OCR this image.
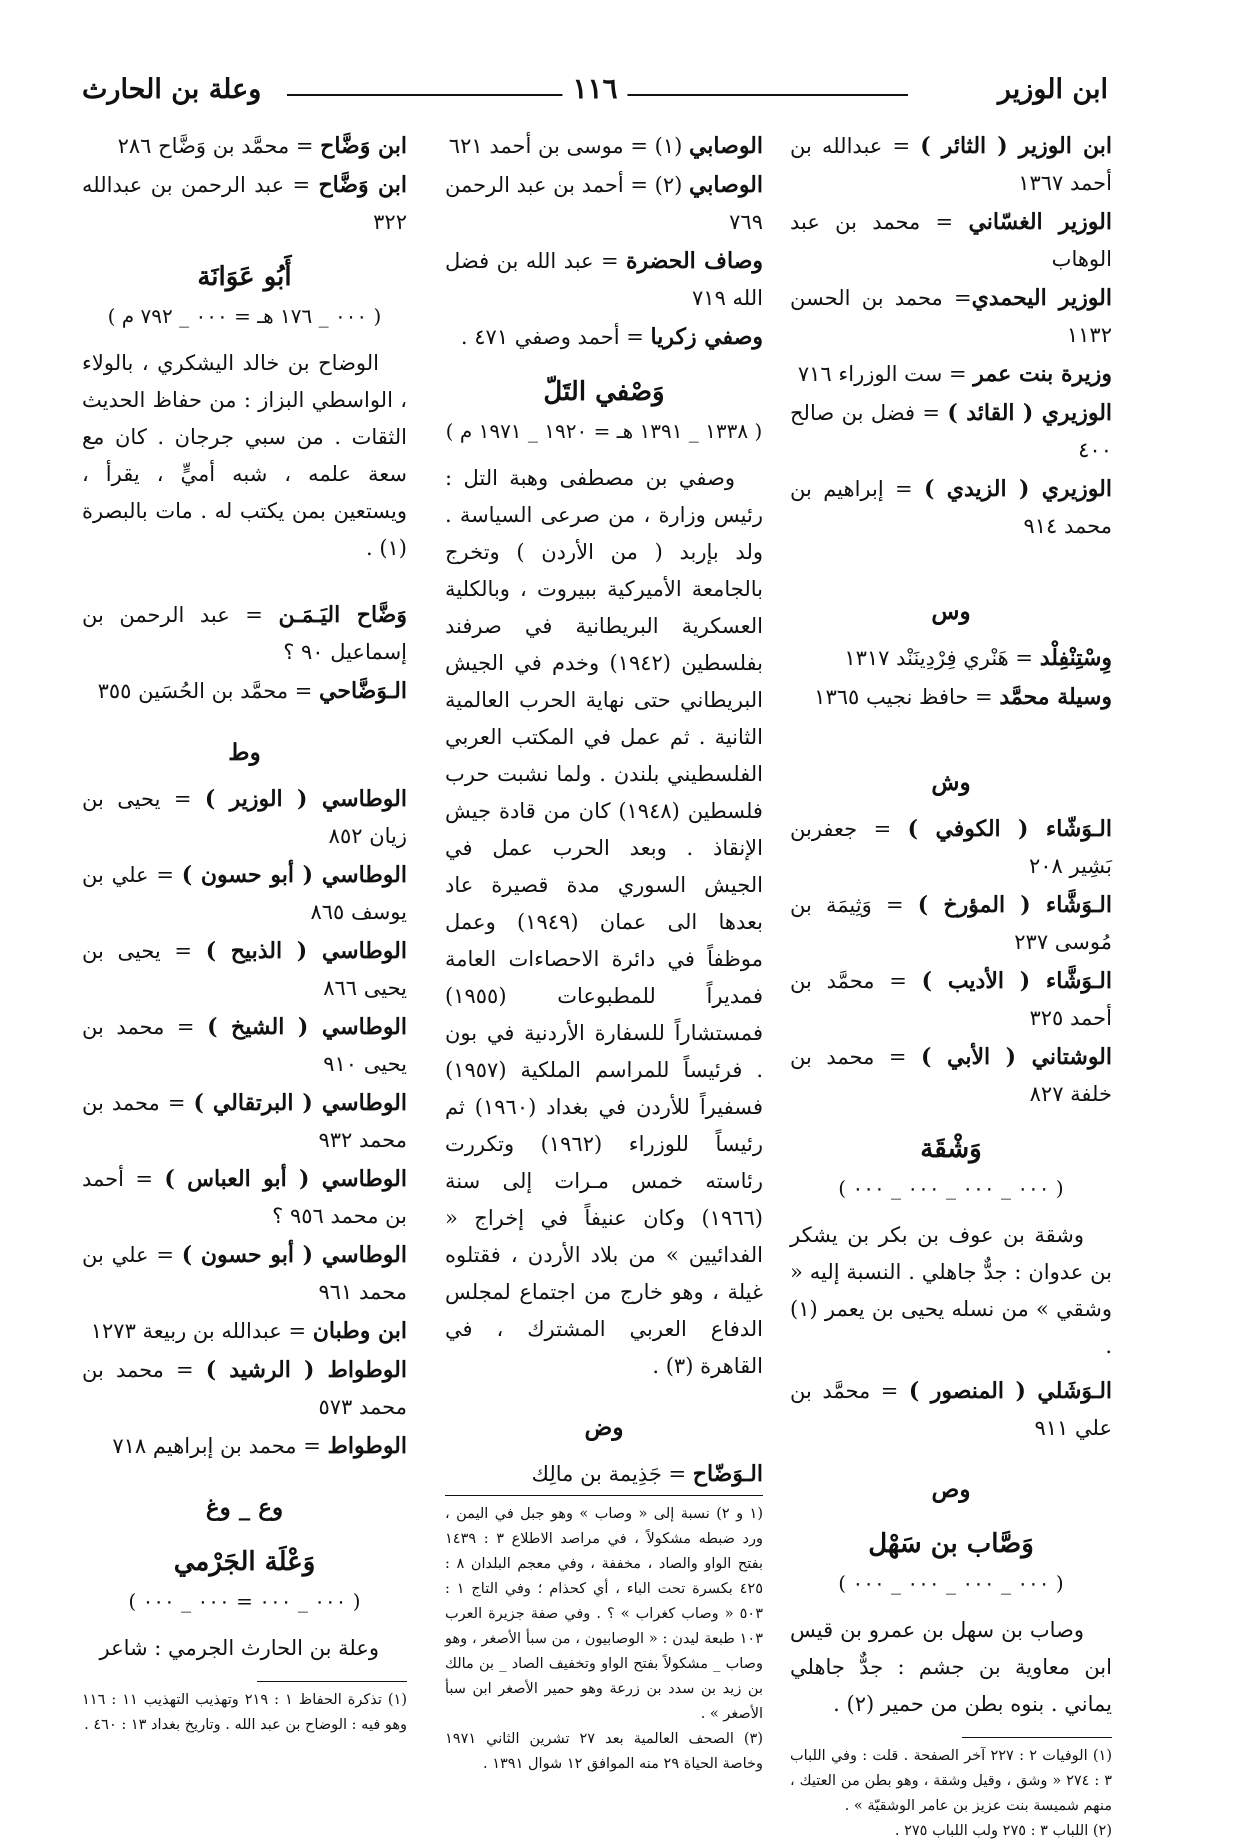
ابن الوزير
١١٦
وعلة بن الحارث
ابن الوزير ( الثائر ) = عبدالله بن أحمد ١٣٦٧
الوزير الغسّاني = محمد بن عبد الوهاب
الوزير اليحمدي= محمد بن الحسن ١١٣٢
وزيرة بنت عمر = ست الوزراء ٧١٦
الوزيري ( القائد ) = فضل بن صالح ٤٠٠
الوزيري ( الزيدي ) = إبراهيم بن محمد ٩١٤
وس
وِسْتِنْفِلْد = هَنْري فِرْدِينَنْد ١٣١٧
وسيلة محمَّد = حافظ نجيب ١٣٦٥
وش
الـوَشّاء ( الكوفي ) = جعفربن بَشِير ٢٠٨
الـوَشَّاء ( المؤرخ ) = وَثِيمَة بن مُوسى ٢٣٧
الـوَشَّاء ( الأديب ) = محمَّد بن أحمد ٣٢٥
الوشتاني ( الأبي ) = محمد بن خلفة ٨٢٧
وَشْقَة
( ٠٠٠ _ ٠٠٠ _ ٠٠٠ _ ٠٠٠ )

وشقة بن عوف بن بكر بن يشكر بن عدوان : جدٌّ جاهلي . النسبة إليه « وشقي » من نسله يحيى بن يعمر (١) .

الـوَشَلي ( المنصور ) = محمَّد بن علي ٩١١
وص
وَصَّاب بن سَهْل
( ٠٠٠ _ ٠٠٠ _ ٠٠٠ _ ٠٠٠ )

وصاب بن سهل بن عمرو بن قيس ابن معاوية بن جشم : جدٌّ جاهلي يماني . بنوه بطن من حمير (٢) .

(١) الوفيات ٢ : ٢٢٧ آخر الصفحة . قلت : وفي اللباب ٣ : ٢٧٤ « وشق ، وقيل وشقة ، وهو بطن من العتيك ، منهم شميسة بنت عزيز بن عامر الوشقيّة » .

(٢) اللباب ٣ : ٢٧٥ ولب اللباب ٢٧٥ .

الوصابي (١) = موسى بن أحمد ٦٢١
الوصابي (٢) = أحمد بن عبد الرحمن ٧٦٩
وصاف الحضرة = عبد الله بن فضل الله ٧١٩
وصفي زكريا = أحمد وصفي ٤٧١ .
وَصْفي التَلّ
( ١٣٣٨ _ ١٣٩١ هـ = ١٩٢٠ _ ١٩٧١ م )

وصفي بن مصطفى وهبة التل : رئيس وزارة ، من صرعى السياسة . ولد بإربد ( من الأردن ) وتخرج بالجامعة الأميركية ببيروت ، وبالكلية العسكرية البريطانية في صرفند بفلسطين (١٩٤٢) وخدم في الجيش البريطاني حتى نهاية الحرب العالمية الثانية . ثم عمل في المكتب العربي الفلسطيني بلندن . ولما نشبت حرب فلسطين (١٩٤٨) كان من قادة جيش الإنقاذ . وبعد الحرب عمل في الجيش السوري مدة قصيرة عاد بعدها الى عمان (١٩٤٩) وعمل موظفاً في دائرة الاحصاءات العامة فمديراً للمطبوعات (١٩٥٥) فمستشاراً للسفارة الأردنية في بون . فرئيساً للمراسم الملكية (١٩٥٧) فسفيراً للأردن في بغداد (١٩٦٠) ثم رئيساً للوزراء (١٩٦٢) وتكررت رئاسته خمس مـرات إلى سنة (١٩٦٦) وكان عنيفاً في إخراج « الفدائيين » من بلاد الأردن ، فقتلوه غيلة ، وهو خارج من اجتماع لمجلس الدفاع العربي المشترك ، في القاهرة (٣) .

وض
الـوَضّاح = جَذِيمة بن مالِك

(١ و ٢) نسبة إلى « وصاب » وهو جبل في اليمن ، ورد ضبطه مشكولاً ، في مراصد الاطلاع ٣ : ١٤٣٩ بفتح الواو والصاد ، مخففة ، وفي معجم البلدان ٨ : ٤٢٥ بكسرة تحت الباء ، أي كحذام ؛ وفي التاج ١ : ٥٠٣ « وصاب كغراب » ؟ . وفي صفة جزيرة العرب ١٠٣ طبعة ليدن : « الوصابيون ، من سبأ الأصغر ، وهو وصاب _ مشكولاً بفتح الواو وتخفيف الصاد _ بن مالك بن زيد بن سدد بن زرعة وهو حمير الأصغر ابن سبأ الأصغر » .

(٣) الصحف العالمية بعد ٢٧ تشرين الثاني ١٩٧١ وخاصة الحياة ٢٩ منه الموافق ١٢ شوال ١٣٩١ .

ابن وَضَّاح = محمَّد بن وَضَّاح ٢٨٦
ابن وَضَّاح = عبد الرحمن بن عبدالله ٣٢٢
أَبُو عَوَانَة
( ٠٠٠ _ ١٧٦ هـ = ٠٠٠ _ ٧٩٢ م )

الوضاح بن خالد اليشكري ، بالولاء ، الواسطي البزاز : من حفاظ الحديث الثقات . من سبي جرجان . كان مع سعة علمه ، شبه أميٍّ ، يقرأ ، ويستعين بمن يكتب له . مات بالبصرة (١) .

وَضَّاح اليَـمَـن = عبد الرحمن بن إسماعيل ٩٠ ؟
الـوَضَّاحي = محمَّد بن الحُسَين ٣٥٥
وط
الوطاسي ( الوزير ) = يحيى بن زيان ٨٥٢
الوطاسي ( أبو حسون ) = علي بن يوسف ٨٦٥
الوطاسي ( الذبيح ) = يحيى بن يحيى ٨٦٦
الوطاسي ( الشيخ ) = محمد بن يحيى ٩١٠
الوطاسي ( البرتقالي ) = محمد بن محمد ٩٣٢
الوطاسي ( أبو العباس ) = أحمد بن محمد ٩٥٦ ؟
الوطاسي ( أبو حسون ) = علي بن محمد ٩٦١
ابن وطبان = عبدالله بن ربيعة ١٢٧٣
الوطواط ( الرشيد ) = محمد بن محمد ٥٧٣
الوطواط = محمد بن إبراهيم ٧١٨
وع _ وغ
وَعْلَة الجَرْمي
( ٠٠٠ _ ٠٠٠ = ٠٠٠ _ ٠٠٠ )

وعلة بن الحارث الجرمي : شاعر

(١) تذكرة الحفاظ ١ : ٢١٩ وتهذيب التهذيب ١١ : ١١٦ وهو فيه : الوضاح بن عبد الله . وتاريخ بغداد ١٣ : ٤٦٠ .
